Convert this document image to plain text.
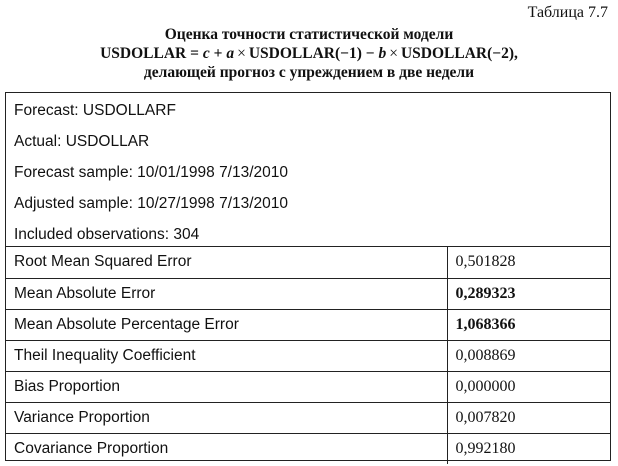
Таблица 7.7
Оценка точности статистической модели
USDOLLAR = c + a × USDOLLAR(−1) − b × USDOLLAR(−2),
делающей прогноз с упреждением в две недели
Forecast: USDOLLARF
Actual: USDOLLAR
Forecast sample: 10/01/1998 7/13/2010
Adjusted sample: 10/27/1998 7/13/2010
Included observations: 304
Root Mean Squared Error	0,501828
Mean Absolute Error	0,289323
Mean Absolute Percentage Error	1,068366
Theil Inequality Coefficient	0,008869
Bias Proportion	0,000000
Variance Proportion	0,007820
Covariance Proportion	0,992180
